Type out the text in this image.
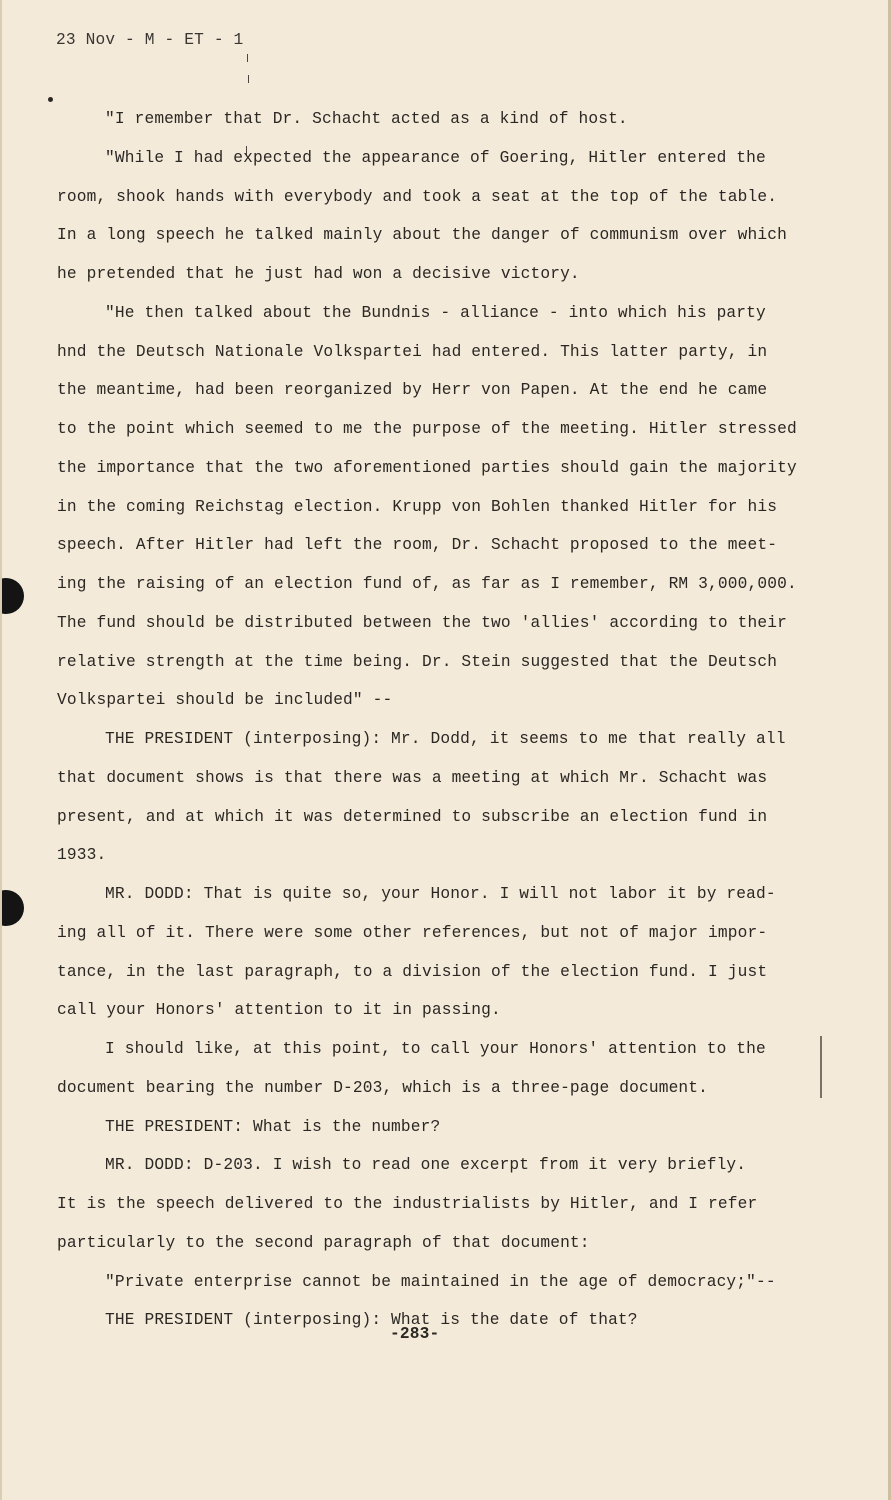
23 Nov - M - ET - 1
"I remember that Dr. Schacht acted as a kind of host.
"While I had expected the appearance of Goering, Hitler entered the
room, shook hands with everybody and took a seat at the top of the table.
In a long speech he talked mainly about the danger of communism over which
he pretended that he just had won a decisive victory.
"He then talked about the Bundnis - alliance - into which his party
hnd the Deutsch Nationale Volkspartei had entered. This latter party, in
the meantime, had been reorganized by Herr von Papen. At the end he came
to the point which seemed to me the purpose of the meeting. Hitler stressed
the importance that the two aforementioned parties should gain the majority
in the coming Reichstag election. Krupp von Bohlen thanked Hitler for his
speech. After Hitler had left the room, Dr. Schacht proposed to the meet-
ing the raising of an election fund of, as far as I remember, RM 3,000,000.
The fund should be distributed between the two 'allies' according to their
relative strength at the time being. Dr. Stein suggested that the Deutsch
Volkspartei should be included" --
THE PRESIDENT (interposing): Mr. Dodd, it seems to me that really all
that document shows is that there was a meeting at which Mr. Schacht was
present, and at which it was determined to subscribe an election fund in
1933.
MR. DODD: That is quite so, your Honor. I will not labor it by read-
ing all of it. There were some other references, but not of major impor-
tance, in the last paragraph, to a division of the election fund. I just
call your Honors' attention to it in passing.
I should like, at this point, to call your Honors' attention to the
document bearing the number D-203, which is a three-page document.
THE PRESIDENT: What is the number?
MR. DODD: D-203. I wish to read one excerpt from it very briefly.
It is the speech delivered to the industrialists by Hitler, and I refer
particularly to the second paragraph of that document:
"Private enterprise cannot be maintained in the age of democracy;"--
THE PRESIDENT (interposing): What is the date of that?
-283-
